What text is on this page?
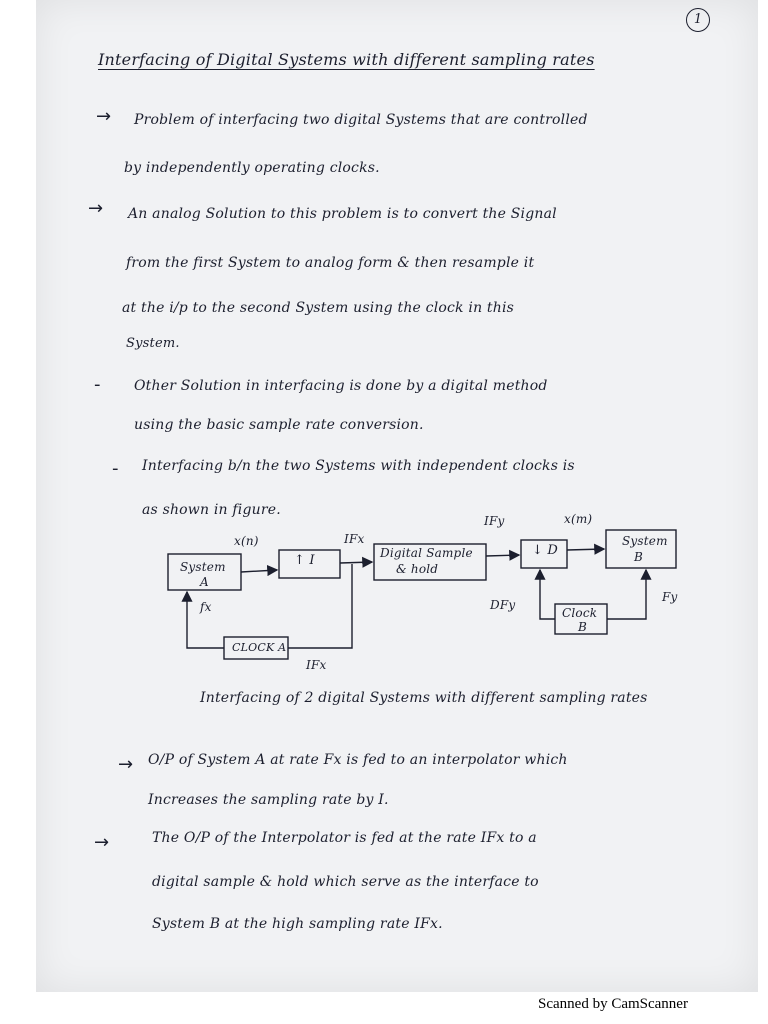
1
Interfacing of Digital Systems with different sampling rates
→ Problem of interfacing two digital Systems that are controlled
by independently operating clocks.
→ An analog Solution to this problem is to convert the Signal
from the first System to analog form & then resample it
at the i/p to the second System using the clock in this
System.
- Other Solution in interfacing is done by a digital method
using the basic sample rate conversion.
- Interfacing b/n the two Systems with independent clocks is
as shown in figure.
System
A
↑ I	Digital Sample
& hold
↓ D
System
B
CLOCK A
Clock
B
x(n)	IFx
IFy	x(m)
fx	DFy
Fy
IFx
Interfacing of 2 digital Systems with different sampling rates
→ O/P of System A at rate Fx is fed to an interpolator which
Increases the sampling rate by I.
→	The O/P of the Interpolator is fed at the rate IFx to a
digital sample & hold which serve as the interface to
System B at the high sampling rate IFx.
Scanned by CamScanner
